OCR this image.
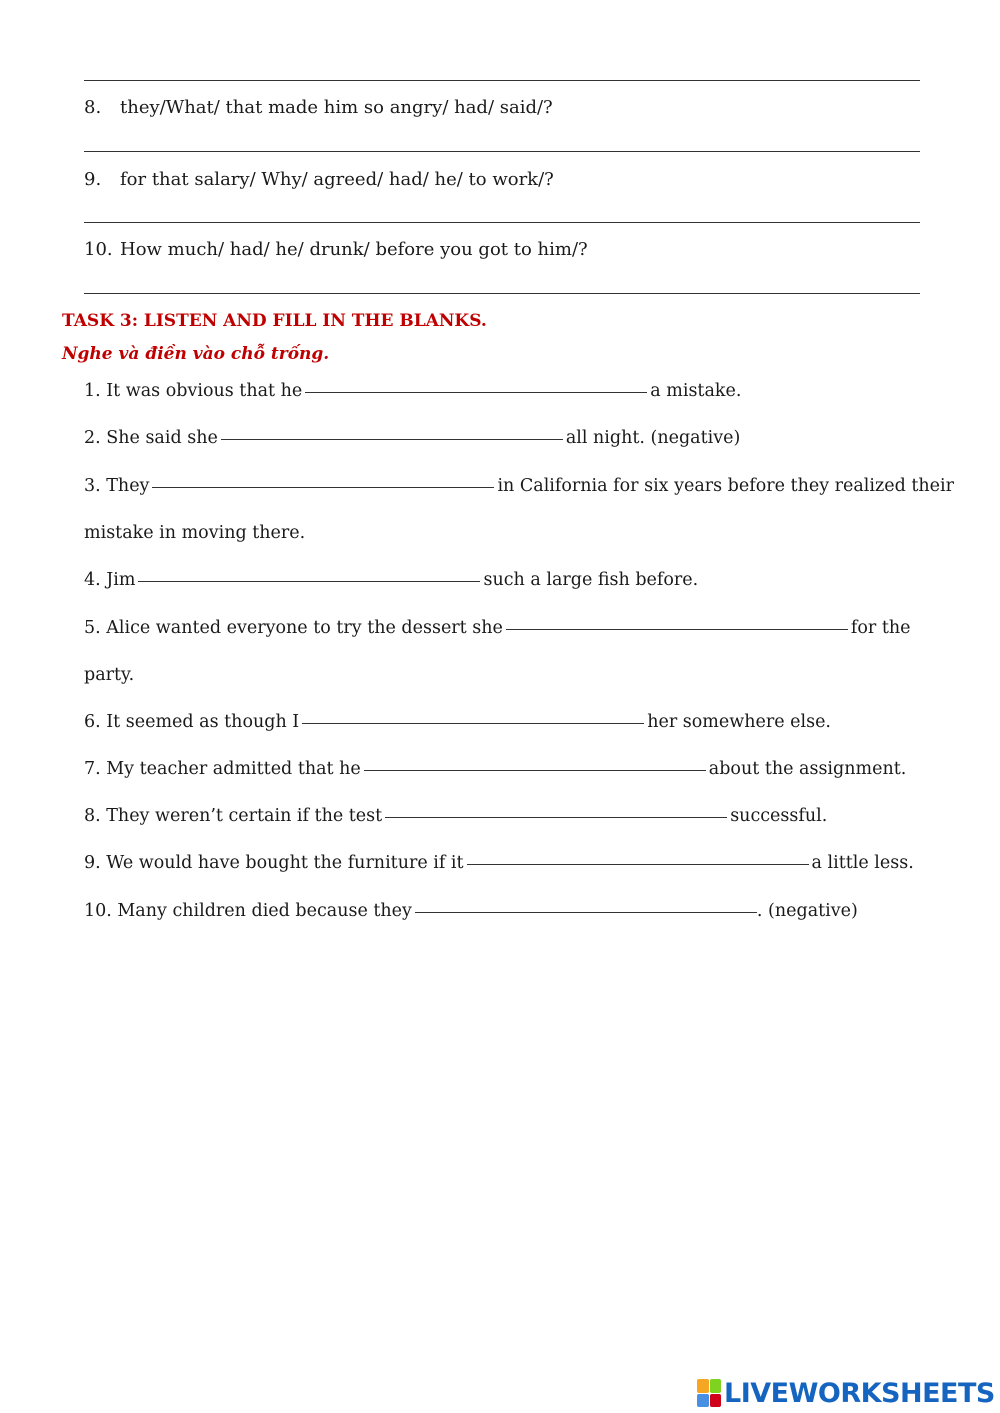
8. they/What/ that made him so angry/ had/ said/?
9. for that salary/ Why/ agreed/ had/ he/ to work/?
10. How much/ had/ he/ drunk/ before you got to him/?
TASK 3: LISTEN AND FILL IN THE BLANKS.
Nghe và điền vào chỗ trống.
1. It was obvious that he	a mistake.
2. She said she	all night. (negative)
3. They	in California for six years before they realized their
mistake in moving there.
4. Jim	such a large fish before.
5. Alice wanted everyone to try the dessert she	for the
party.
6. It seemed as though I	her somewhere else.
7. My teacher admitted that he	about the assignment.
8. They weren’t certain if the test	successful.
9. We would have bought the furniture if it	a little less.
10. Many children died because they	. (negative)
LIVEWORKSHEETS
